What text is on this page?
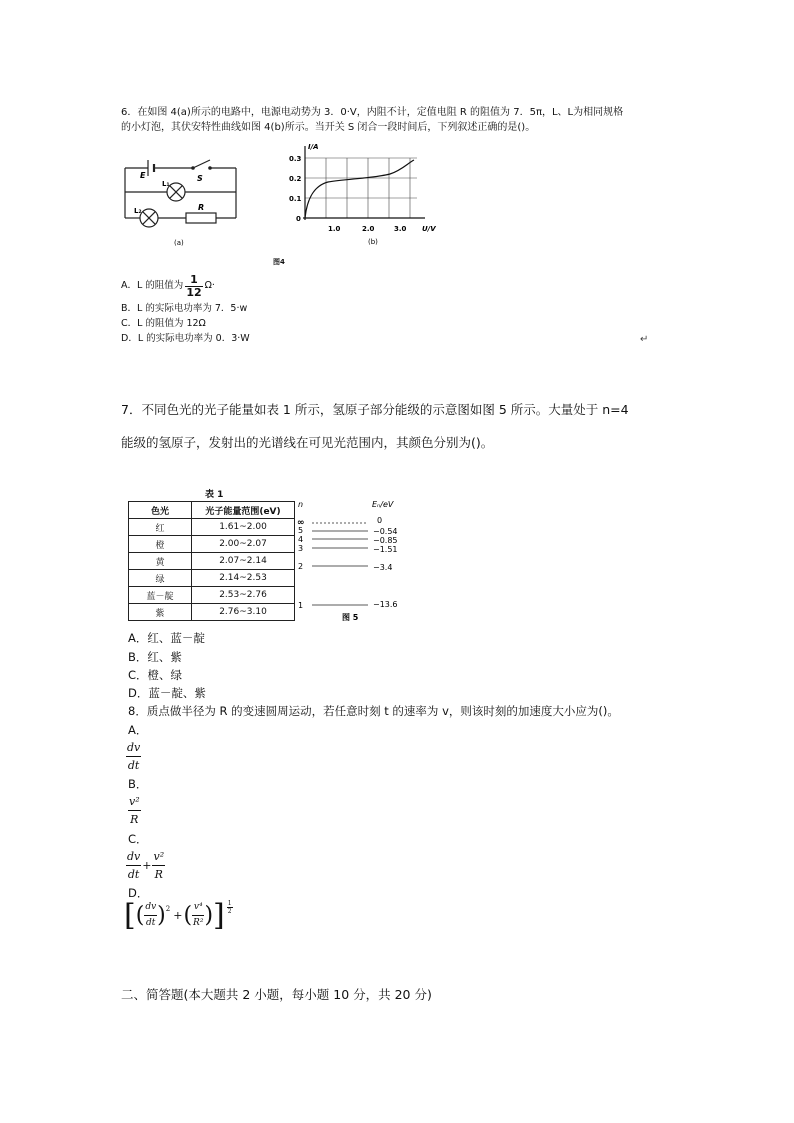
6．在如图 4(a)所示的电路中，电源电动势为 3．0·V，内阻不计，定值电阻 R 的阻值为 7．5π，L、L为相同规格
的小灯泡，其伏安特性曲线如图 4(b)所示。当开关 S 闭合一段时间后，下列叙述正确的是()。
E	S
L₁
L₂	R
(a)
I/A
0.3
0.2
0.1
0
1.0	2.0	3.0 U/V
(b)
图4
A．L 的阻值为 $\frac{1}{12} \Omega\cdot$
B．L 的实际电功率为 7．5·w
C．L 的阻值为 12Ω
D．L 的实际电功率为 0．3·W	↵
7．不同色光的光子能量如表 1 所示，氢原子部分能级的示意图如图 5 所示。大量处于 n=4
能级的氢原子，发射出的光谱线在可见光范围内，其颜色分别为()。
表 1
色光	光子能量范围(eV)
红	1.61~2.00
橙	2.00~2.07
黄	2.07~2.14
绿	2.14~2.53
蓝－靛	2.53~2.76
紫	2.76~3.10
n	Eₙ/eV
∞
5
4
3
2
1
0
−0.54
−0.85
−1.51
−3.4
−13.6
图 5
A．红、蓝－靛
B．红、紫
C．橙、绿
D．蓝－靛、紫
8．质点做半径为 R 的变速圆周运动，若任意时刻 t 的速率为 v，则该时刻的加速度大小应为()。
A．
$\frac{dv}{dt}$
B．
$\frac{\text{v²}}{R}$
C．
$\frac{dv}{dt} + \frac{\text{v²}}{R}$
D．
[ ( $\frac{dv}{dt}$ ) 2 + ( $\frac{\text{v⁴}}{\text{R²}}$ ) ] $\frac{1}{2}$
二、简答题(本大题共 2 小题，每小题 10 分，共 20 分)
